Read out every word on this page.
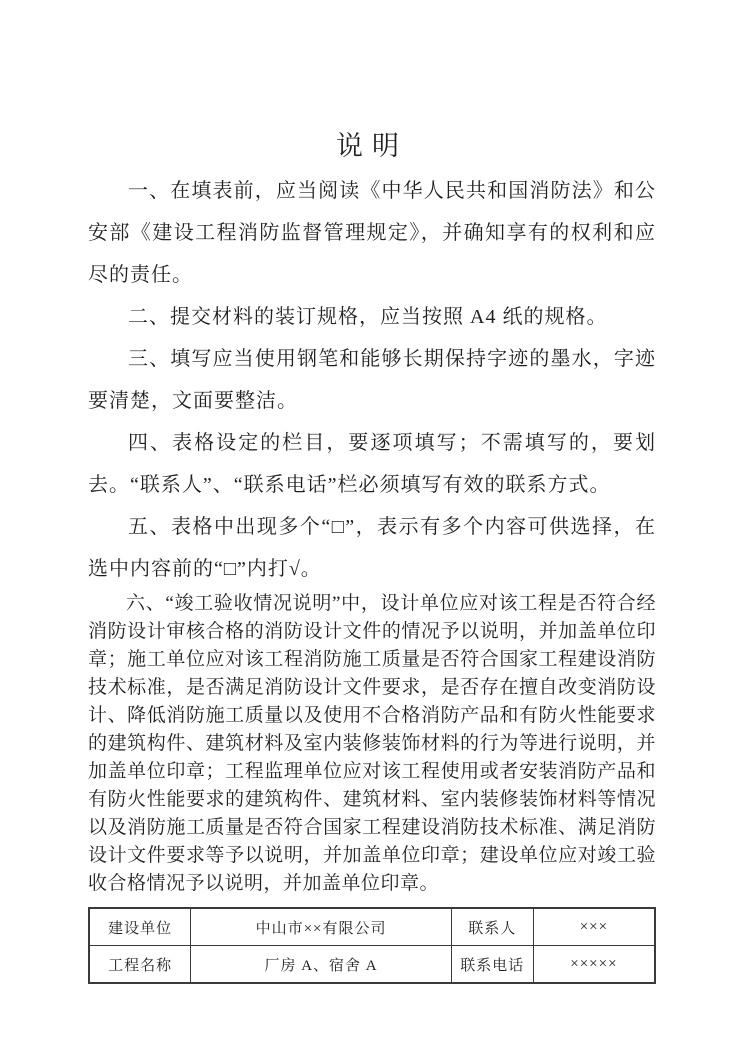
说明

一、在填表前，应当阅读《中华人民共和国消防法》和公安部《建设工程消防监督管理规定》，并确知享有的权利和应尽的责任。

二、提交材料的装订规格，应当按照 A4 纸的规格。

三、填写应当使用钢笔和能够长期保持字迹的墨水，字迹要清楚，文面要整洁。

四、表格设定的栏目，要逐项填写；不需填写的，要划去。“联系人”、“联系电话”栏必须填写有效的联系方式。

五、表格中出现多个“□”，表示有多个内容可供选择，在选中内容前的“□”内打√。

六、“竣工验收情况说明”中，设计单位应对该工程是否符合经消防设计审核合格的消防设计文件的情况予以说明，并加盖单位印章；施工单位应对该工程消防施工质量是否符合国家工程建设消防技术标准，是否满足消防设计文件要求，是否存在擅自改变消防设计、降低消防施工质量以及使用不合格消防产品和有防火性能要求的建筑构件、建筑材料及室内装修装饰材料的行为等进行说明，并加盖单位印章；工程监理单位应对该工程使用或者安装消防产品和有防火性能要求的建筑构件、建筑材料、室内装修装饰材料等情况以及消防施工质量是否符合国家工程建设消防技术标准、满足消防设计文件要求等予以说明，并加盖单位印章；建设单位应对竣工验收合格情况予以说明，并加盖单位印章。

建设单位	中山市××有限公司	联系人	×××
工程名称	厂房 A、宿舍 A	联系电话	×××××
